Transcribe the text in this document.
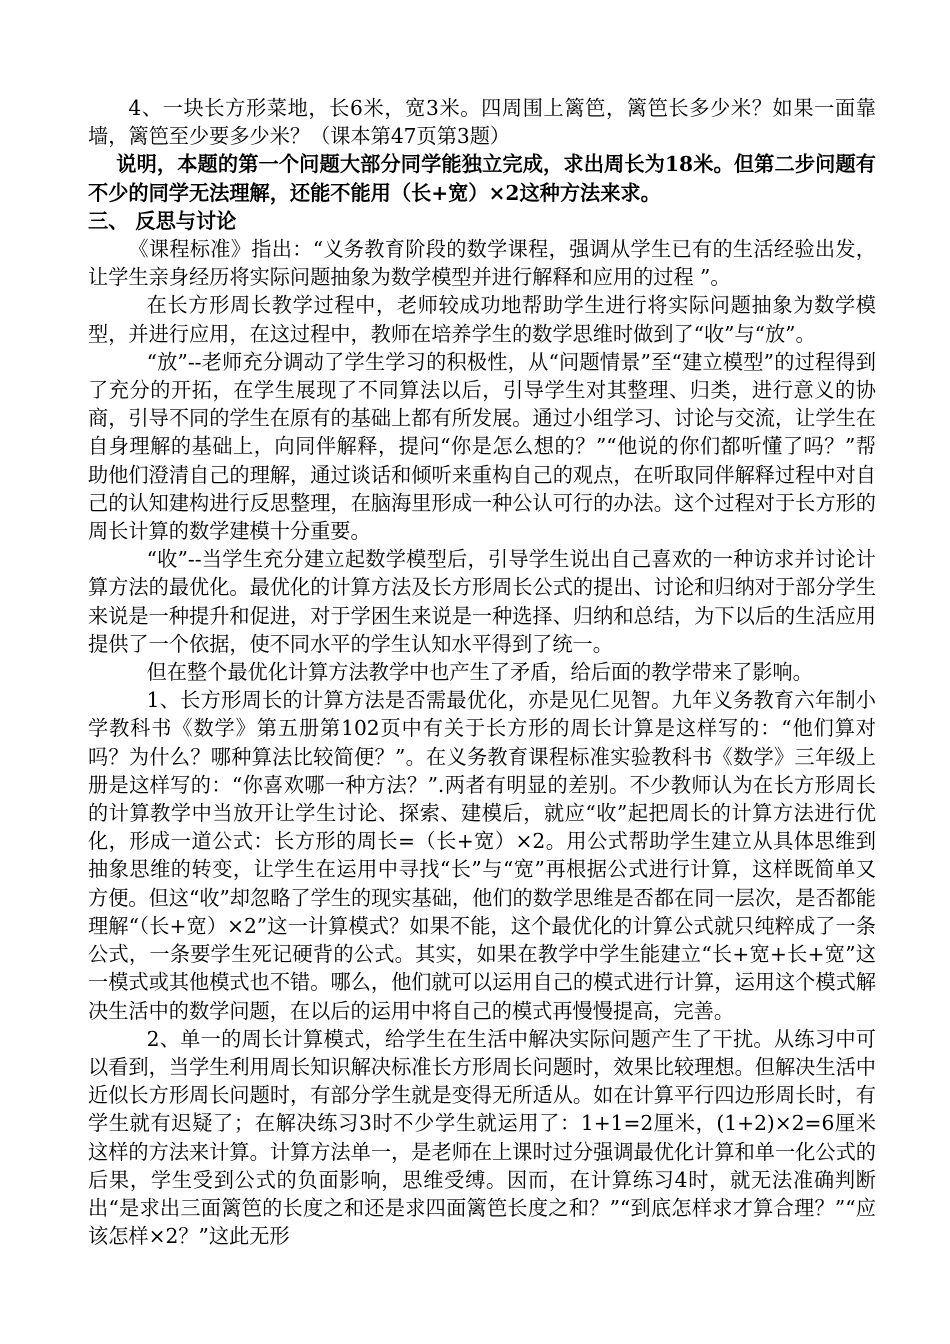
4、一块长方形菜地，长6米，宽3米。四周围上篱笆，篱笆长多少米？如果一面靠墙，篱笆至少要多少米？（课本第47页第3题）

说明，本题的第一个问题大部分同学能独立完成，求出周长为18米。但第二步问题有不少的同学无法理解，还能不能用（长+宽）×2这种方法来求。

三、 反思与讨论

《课程标准》指出：“义务教育阶段的数学课程，强调从学生已有的生活经验出发，让学生亲身经历将实际问题抽象为数学模型并进行解释和应用的过程 ”。

在长方形周长教学过程中，老师较成功地帮助学生进行将实际问题抽象为数学模型，并进行应用，在这过程中，教师在培养学生的数学思维时做到了“收”与“放”。

“放”--老师充分调动了学生学习的积极性，从“问题情景”至“建立模型”的过程得到了充分的开拓，在学生展现了不同算法以后，引导学生对其整理、归类，进行意义的协商，引导不同的学生在原有的基础上都有所发展。通过小组学习、讨论与交流，让学生在自身理解的基础上，向同伴解释，提问“你是怎么想的？”“他说的你们都听懂了吗？”帮助他们澄清自己的理解，通过谈话和倾听来重构自己的观点，在听取同伴解释过程中对自己的认知建构进行反思整理，在脑海里形成一种公认可行的办法。这个过程对于长方形的周长计算的数学建模十分重要。

“收”--当学生充分建立起数学模型后，引导学生说出自己喜欢的一种访求并讨论计算方法的最优化。最优化的计算方法及长方形周长公式的提出、讨论和归纳对于部分学生来说是一种提升和促进，对于学困生来说是一种选择、归纳和总结，为下以后的生活应用提供了一个依据，使不同水平的学生认知水平得到了统一。

但在整个最优化计算方法教学中也产生了矛盾，给后面的教学带来了影响。

1、长方形周长的计算方法是否需最优化，亦是见仁见智。九年义务教育六年制小学教科书《数学》第五册第102页中有关于长方形的周长计算是这样写的：“他们算对吗？为什么？哪种算法比较简便？”。在义务教育课程标准实验教科书《数学》三年级上册是这样写的：“你喜欢哪一种方法？”.两者有明显的差别。不少教师认为在长方形周长的计算教学中当放开让学生讨论、探索、建模后，就应“收”起把周长的计算方法进行优化，形成一道公式：长方形的周长=（长+宽）×2。用公式帮助学生建立从具体思维到抽象思维的转变，让学生在运用中寻找“长”与“宽”再根据公式进行计算，这样既简单又方便。但这“收”却忽略了学生的现实基础，他们的数学思维是否都在同一层次，是否都能理解“（长+宽）×2”这一计算模式？如果不能，这个最优化的计算公式就只纯粹成了一条公式，一条要学生死记硬背的公式。其实，如果在教学中学生能建立“长+宽+长+宽”这一模式或其他模式也不错。哪么，他们就可以运用自己的模式进行计算，运用这个模式解决生活中的数学问题，在以后的运用中将自己的模式再慢慢提高，完善。

2、单一的周长计算模式，给学生在生活中解决实际问题产生了干扰。从练习中可以看到，当学生利用周长知识解决标准长方形周长问题时，效果比较理想。但解决生活中近似长方形周长问题时，有部分学生就是变得无所适从。如在计算平行四边形周长时，有学生就有迟疑了；在解决练习3时不少学生就运用了：1+1=2厘米，(1+2)×2=6厘米这样的方法来计算。计算方法单一，是老师在上课时过分强调最优化计算和单一化公式的后果，学生受到公式的负面影响，思维受缚。因而，在计算练习4时，就无法准确判断出“是求出三面篱笆的长度之和还是求四面篱笆长度之和？”“到底怎样求才算合理？”“应该怎样×2？”这此无形
